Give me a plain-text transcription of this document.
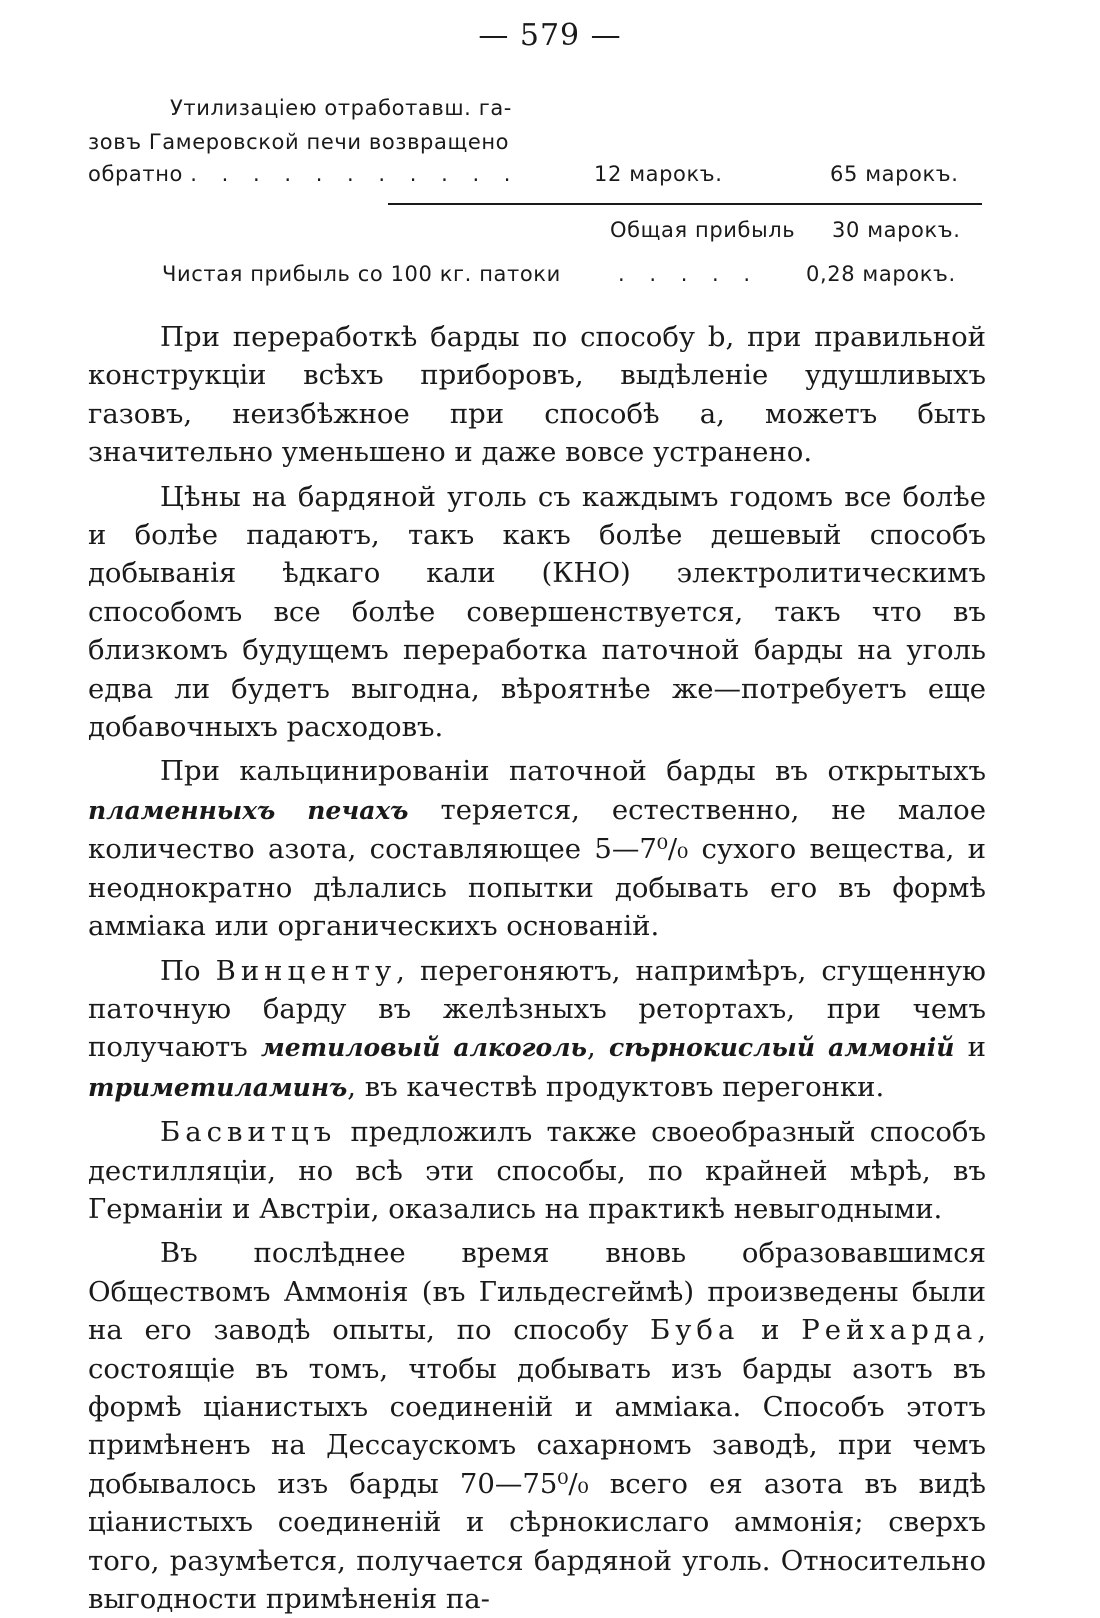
— 579 —
Утилизацiею отработавш. га-
зовъ Гамеровской печи возвращено
обратно . . . . . . . . . . .	12 марокъ.	65 марокъ.
Общая прибыль 30 марокъ.
Чистая прибыль со 100 кг. патоки	. . . . . 0,28 марокъ.

При переработкѣ барды по способу b, при правильной конструкцiи всѣхъ приборовъ, выдѣленiе удушливыхъ газовъ, неизбѣжное при способѣ а, можетъ быть значительно уменьшено и даже вовсе устранено.

Цѣны на бардяной уголь съ каждымъ годомъ все болѣе и болѣе падаютъ, такъ какъ болѣе дешевый способъ добыванiя ѣдкаго кали (КНО) электролитическимъ способомъ все болѣе совершенствуется, такъ что въ близкомъ будущемъ переработка паточной барды на уголь едва ли будетъ выгодна, вѣроятнѣе же—потребуетъ еще добавочныхъ расходовъ.

При кальцинированiи паточной барды въ открытыхъ пламенныхъ печахъ теряется, естественно, не малое количество азота, составляющее 5—7⁰/₀ сухого вещества, и неоднократно дѣлались попытки добывать его въ формѣ амміака или органическихъ основанiй.

По Винценту, перегоняютъ, напримѣръ, сгущенную паточную барду въ желѣзныхъ ретортахъ, при чемъ получаютъ метиловый алкоголь, сѣрнокислый аммонiй и триметиламинъ, въ качествѣ продуктовъ перегонки.

Басвитцъ предложилъ также своеобразный способъ дестилляцiи, но всѣ эти способы, по крайней мѣрѣ, въ Германiи и Австрiи, оказались на практикѣ невыгодными.

Въ послѣднее время вновь образовавшимся Обществомъ Аммонiя (въ Гильдесгеймѣ) произведены были на его заводѣ опыты, по способу Буба и Рейхарда, состоящiе въ томъ, чтобы добывать изъ барды азотъ въ формѣ цiанистыхъ соединенiй и амміака. Способъ этотъ примѣненъ на Дессаускомъ сахарномъ заводѣ, при чемъ добывалось изъ барды 70—75⁰/₀ всего ея азота въ видѣ цiанистыхъ соединенiй и сѣрнокислаго аммонiя; сверхъ того, разумѣется, получается бардяной уголь. Относительно выгодности примѣненiя па-
